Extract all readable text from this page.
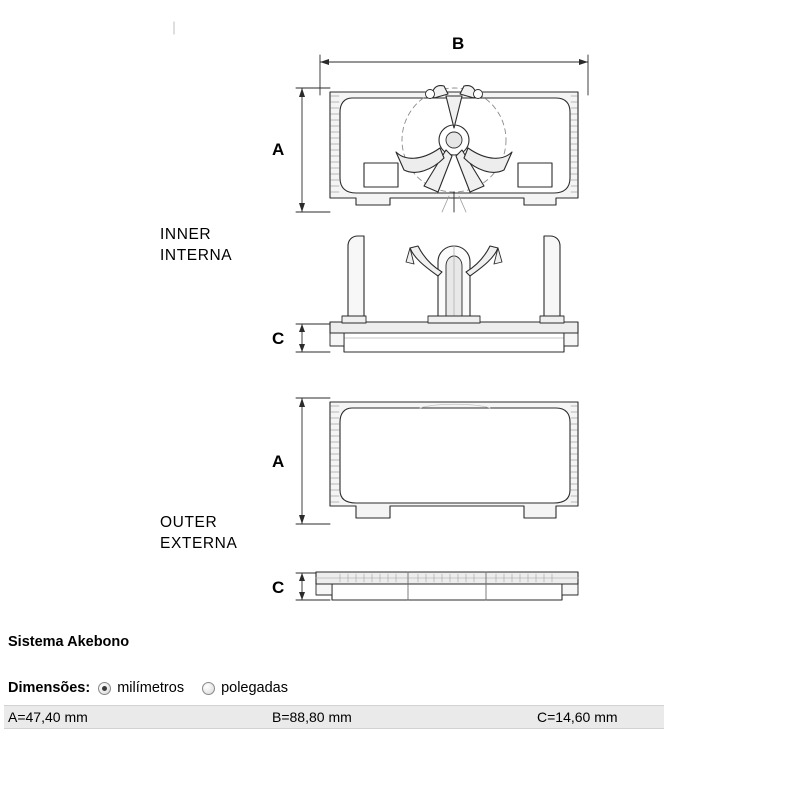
B
A
C
A
C
INNER
INTERNA
OUTER
EXTERNA
Sistema Akebono
Dimensões: milímetros	polegadas
A=47,40 mm	B=88,80 mm	C=14,60 mm
